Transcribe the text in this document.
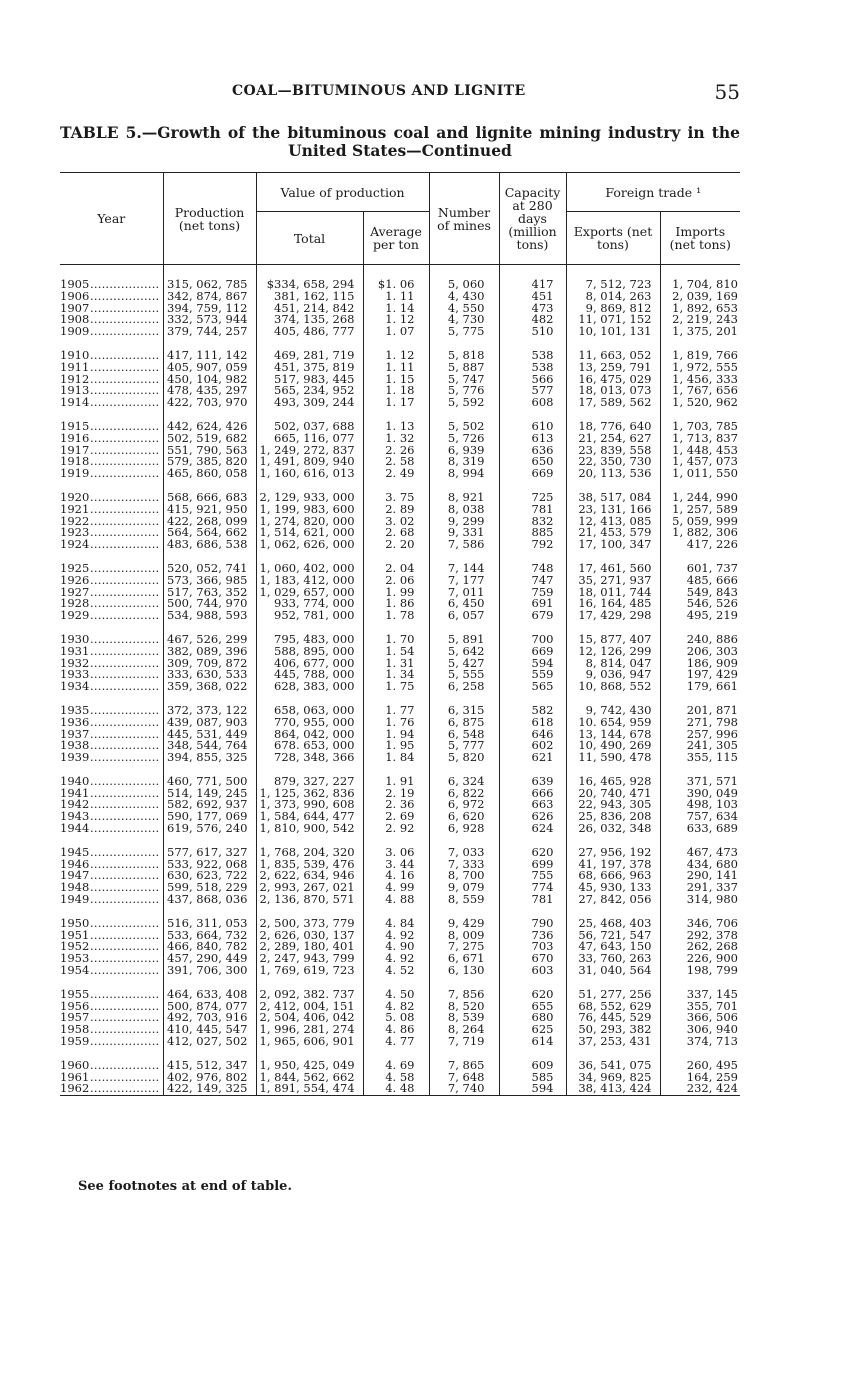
COAL—BITUMINOUS AND LIGNITE	55
TABLE 5.—Growth of the bituminous coal and lignite mining industry in the
United States—Continued
Year	Production (net tons)	Value of production		Number of mines	Capacity at 280 days (million tons)	Foreign trade ¹	
		Total	Average per ton			Exports (net tons)	Imports (net tons)

1905..................	315, 062, 785	$334, 658, 294	$1. 06	5, 060	417	7, 512, 723	1, 704, 810
1906..................	342, 874, 867	381, 162, 115	1. 11	4, 430	451	8, 014, 263	2, 039, 169
1907..................	394, 759, 112	451, 214, 842	1. 14	4, 550	473	9, 869, 812	1, 892, 653
1908..................	332, 573, 944	374, 135, 268	1. 12	4, 730	482	11, 071, 152	2, 219, 243
1909..................	379, 744, 257	405, 486, 777	1. 07	5, 775	510	10, 101, 131	1, 375, 201

1910..................	417, 111, 142	469, 281, 719	1. 12	5, 818	538	11, 663, 052	1, 819, 766
1911..................	405, 907, 059	451, 375, 819	1. 11	5, 887	538	13, 259, 791	1, 972, 555
1912..................	450, 104, 982	517, 983, 445	1. 15	5, 747	566	16, 475, 029	1, 456, 333
1913..................	478, 435, 297	565, 234, 952	1. 18	5, 776	577	18, 013, 073	1, 767, 656
1914..................	422, 703, 970	493, 309, 244	1. 17	5, 592	608	17, 589, 562	1, 520, 962

1915..................	442, 624, 426	502, 037, 688	1. 13	5, 502	610	18, 776, 640	1, 703, 785
1916..................	502, 519, 682	665, 116, 077	1. 32	5, 726	613	21, 254, 627	1, 713, 837
1917..................	551, 790, 563	1, 249, 272, 837	2. 26	6, 939	636	23, 839, 558	1, 448, 453
1918..................	579, 385, 820	1, 491, 809, 940	2. 58	8, 319	650	22, 350, 730	1, 457, 073
1919..................	465, 860, 058	1, 160, 616, 013	2. 49	8, 994	669	20, 113, 536	1, 011, 550

1920..................	568, 666, 683	2, 129, 933, 000	3. 75	8, 921	725	38, 517, 084	1, 244, 990
1921..................	415, 921, 950	1, 199, 983, 600	2. 89	8, 038	781	23, 131, 166	1, 257, 589
1922..................	422, 268, 099	1, 274, 820, 000	3. 02	9, 299	832	12, 413, 085	5, 059, 999
1923..................	564, 564, 662	1, 514, 621, 000	2. 68	9, 331	885	21, 453, 579	1, 882, 306
1924..................	483, 686, 538	1, 062, 626, 000	2. 20	7, 586	792	17, 100, 347	417, 226

1925..................	520, 052, 741	1, 060, 402, 000	2. 04	7, 144	748	17, 461, 560	601, 737
1926..................	573, 366, 985	1, 183, 412, 000	2. 06	7, 177	747	35, 271, 937	485, 666
1927..................	517, 763, 352	1, 029, 657, 000	1. 99	7, 011	759	18, 011, 744	549, 843
1928..................	500, 744, 970	933, 774, 000	1. 86	6, 450	691	16, 164, 485	546, 526
1929..................	534, 988, 593	952, 781, 000	1. 78	6, 057	679	17, 429, 298	495, 219

1930..................	467, 526, 299	795, 483, 000	1. 70	5, 891	700	15, 877, 407	240, 886
1931..................	382, 089, 396	588, 895, 000	1. 54	5, 642	669	12, 126, 299	206, 303
1932..................	309, 709, 872	406, 677, 000	1. 31	5, 427	594	8, 814, 047	186, 909
1933..................	333, 630, 533	445, 788, 000	1. 34	5, 555	559	9, 036, 947	197, 429
1934..................	359, 368, 022	628, 383, 000	1. 75	6, 258	565	10, 868, 552	179, 661

1935..................	372, 373, 122	658, 063, 000	1. 77	6, 315	582	9, 742, 430	201, 871
1936..................	439, 087, 903	770, 955, 000	1. 76	6, 875	618	10. 654, 959	271, 798
1937..................	445, 531, 449	864, 042, 000	1. 94	6, 548	646	13, 144, 678	257, 996
1938..................	348, 544, 764	678. 653, 000	1. 95	5, 777	602	10, 490, 269	241, 305
1939..................	394, 855, 325	728, 348, 366	1. 84	5, 820	621	11, 590, 478	355, 115

1940..................	460, 771, 500	879, 327, 227	1. 91	6, 324	639	16, 465, 928	371, 571
1941..................	514, 149, 245	1, 125, 362, 836	2. 19	6, 822	666	20, 740, 471	390, 049
1942..................	582, 692, 937	1, 373, 990, 608	2. 36	6, 972	663	22, 943, 305	498, 103
1943..................	590, 177, 069	1, 584, 644, 477	2. 69	6, 620	626	25, 836, 208	757, 634
1944..................	619, 576, 240	1, 810, 900, 542	2. 92	6, 928	624	26, 032, 348	633, 689

1945..................	577, 617, 327	1, 768, 204, 320	3. 06	7, 033	620	27, 956, 192	467, 473
1946..................	533, 922, 068	1, 835, 539, 476	3. 44	7, 333	699	41, 197, 378	434, 680
1947..................	630, 623, 722	2, 622, 634, 946	4. 16	8, 700	755	68, 666, 963	290, 141
1948..................	599, 518, 229	2, 993, 267, 021	4. 99	9, 079	774	45, 930, 133	291, 337
1949..................	437, 868, 036	2, 136, 870, 571	4. 88	8, 559	781	27, 842, 056	314, 980

1950..................	516, 311, 053	2, 500, 373, 779	4. 84	9, 429	790	25, 468, 403	346, 706
1951..................	533, 664, 732	2, 626, 030, 137	4. 92	8, 009	736	56, 721, 547	292, 378
1952..................	466, 840, 782	2, 289, 180, 401	4. 90	7, 275	703	47, 643, 150	262, 268
1953..................	457, 290, 449	2, 247, 943, 799	4. 92	6, 671	670	33, 760, 263	226, 900
1954..................	391, 706, 300	1, 769, 619, 723	4. 52	6, 130	603	31, 040, 564	198, 799

1955..................	464, 633, 408	2, 092, 382. 737	4. 50	7, 856	620	51, 277, 256	337, 145
1956..................	500, 874, 077	2, 412, 004, 151	4. 82	8, 520	655	68, 552, 629	355, 701
1957..................	492, 703, 916	2, 504, 406, 042	5. 08	8, 539	680	76, 445, 529	366, 506
1958..................	410, 445, 547	1, 996, 281, 274	4. 86	8, 264	625	50, 293, 382	306, 940
1959..................	412, 027, 502	1, 965, 606, 901	4. 77	7, 719	614	37, 253, 431	374, 713

1960..................	415, 512, 347	1, 950, 425, 049	4. 69	7, 865	609	36, 541, 075	260, 495
1961..................	402, 976, 802	1, 844, 562, 662	4. 58	7, 648	585	34, 969, 825	164, 259
1962..................	422, 149, 325	1, 891, 554, 474	4. 48	7, 740	594	38, 413, 424	232, 424
See footnotes at end of table.
